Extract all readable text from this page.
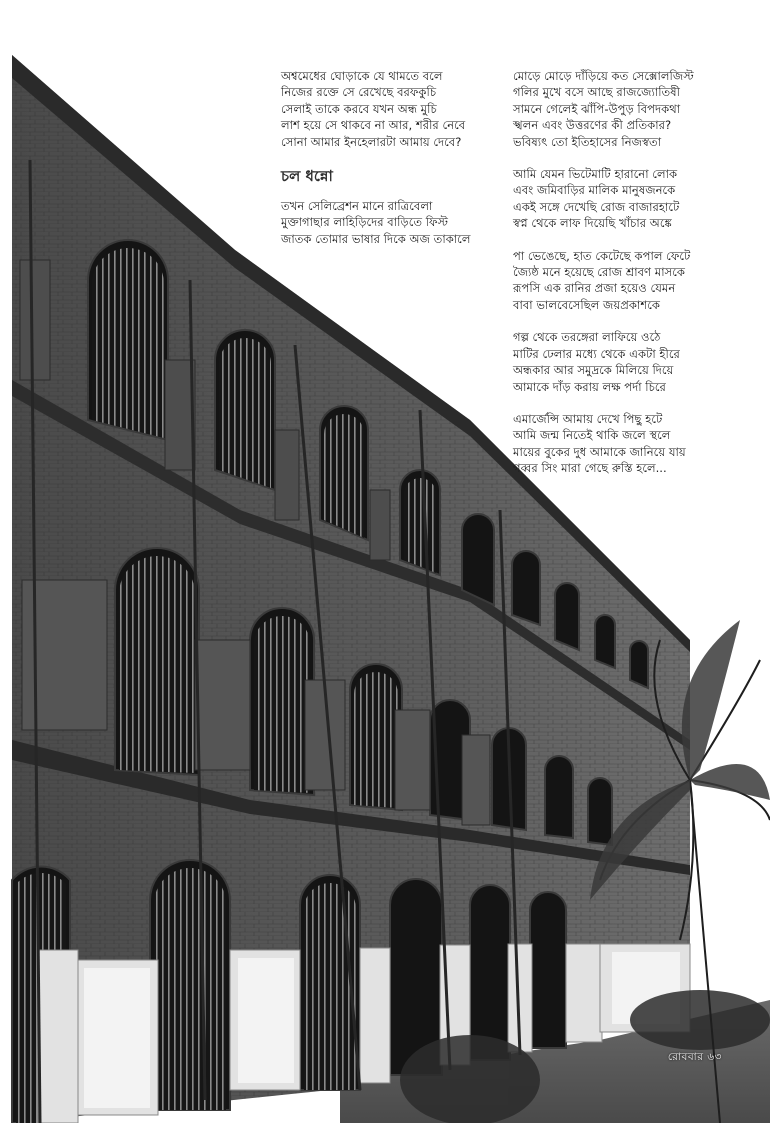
অশ্বমেধের ঘোড়াকে যে থামতে বলে
নিজের রক্তে সে রেখেছে বরফকুচি
সেলাই তাকে করবে যখন অন্ধ মুচি
লাশ হয়ে সে থাকবে না আর, শরীর নেবে
সোনা আমার ইনহেলারটা আমায় দেবে?
চল ধন্নো
তখন সেলিব্রেশন মানে রাত্রিবেলা
মুক্তাগাছার লাহিড়িদের বাড়িতে ফিস্ট
জাতক তোমার ভাষার দিকে অজ তাকালে
মোড়ে মোড়ে দাঁড়িয়ে কত সেক্সোলজিস্ট
গলির মুখে বসে আছে রাজজ্যোতিষী
সামনে গেলেই ঝাঁপি-উপুড় বিপদকথা
স্খলন এবং উত্তরণের কী প্রতিকার?
ভবিষ্যৎ তো ইতিহাসের নিজস্বতা
আমি যেমন ভিটেমাটি হারানো লোক
এবং জমিবাড়ির মালিক মানুষজনকে
একই সঙ্গে দেখেছি রোজ বাজারহাটে
স্বপ্ন থেকে লাফ দিয়েছি খাঁচার অঙ্কে
পা ভেঙেছে, হাত কেটেছে কপাল ফেটে
জ্যৈষ্ঠ মনে হয়েছে রোজ শ্রাবণ মাসকে
রূপসি এক রানির প্রজা হয়েও যেমন
বাবা ভালবেসেছিল জয়প্রকাশকে
গল্প থেকে তরঙ্গেরা লাফিয়ে ওঠে
মাটির ঢেলার মধ্যে থেকে একটা হীরে
অন্ধকার আর সমুদ্রকে মিলিয়ে দিয়ে
আমাকে দাঁড় করায় লক্ষ পর্দা চিরে
এমার্জেন্সি আমায় দেখে পিছু হটে
আমি জন্ম নিতেই থাকি জলে স্থলে
মায়ের বুকের দুধ আমাকে জানিয়ে যায়
গব্বর সিং মারা গেছে রুস্তি হলে...
রোববার ৬৩
